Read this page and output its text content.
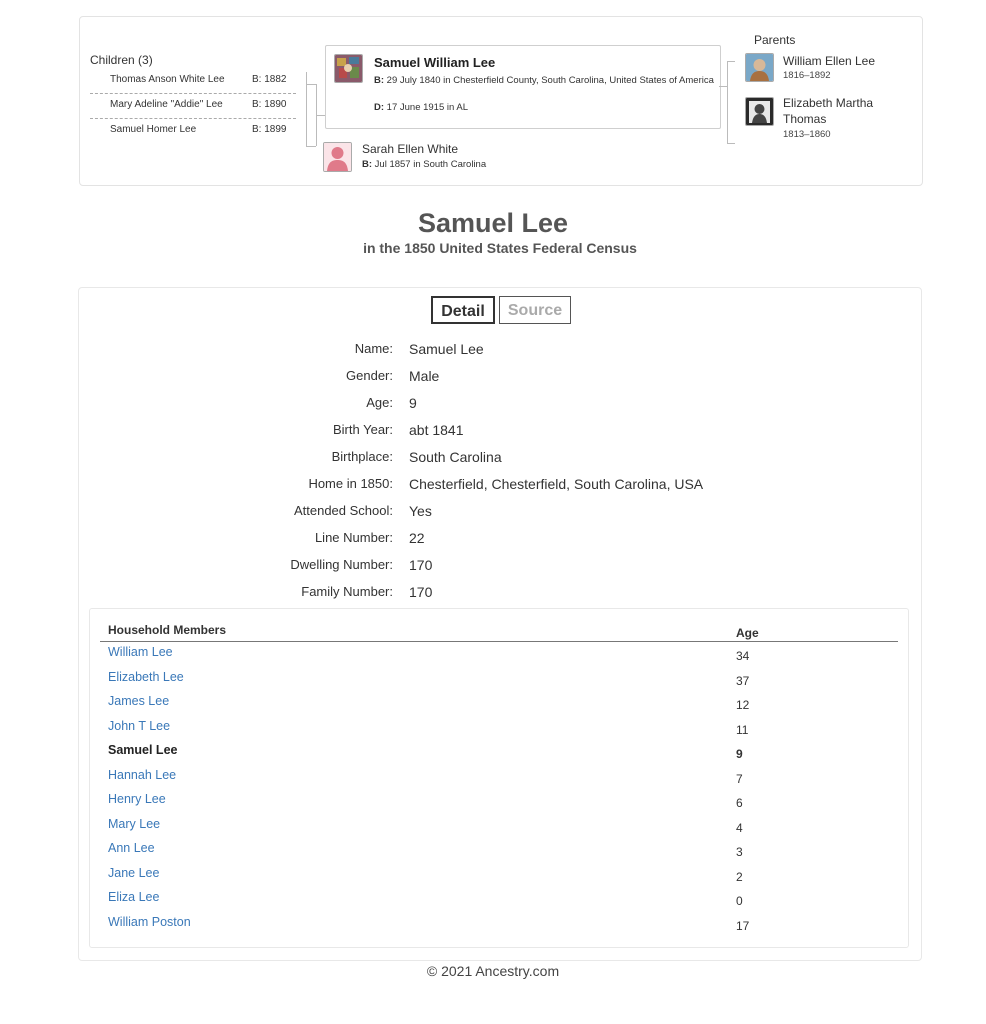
Children (3)
Thomas Anson White Lee	B: 1882
Mary Adeline "Addie" Lee	B: 1890
Samuel Homer Lee	B: 1899
Samuel William Lee
B: 29 July 1840 in Chesterfield County, South Carolina, United States of America
D: 17 June 1915 in AL
Sarah Ellen White
B: Jul 1857 in South Carolina
Parents
William Ellen Lee
1816–1892
Elizabeth Martha Thomas
1813–1860
Samuel Lee
in the 1850 United States Federal Census
Detail	Source
Name: Samuel Lee
Gender: Male
Age: 9
Birth Year: abt 1841
Birthplace: South Carolina
Home in 1850: Chesterfield, Chesterfield, South Carolina, USA
Attended School: Yes
Line Number: 22
Dwelling Number: 170
Family Number: 170
Household Members	Age
William Lee	34
Elizabeth Lee	37
James Lee	12
John T Lee	11
Samuel Lee	9
Hannah Lee	7
Henry Lee	6
Mary Lee	4
Ann Lee	3
Jane Lee	2
Eliza Lee	0
William Poston	17
© 2021 Ancestry.com
